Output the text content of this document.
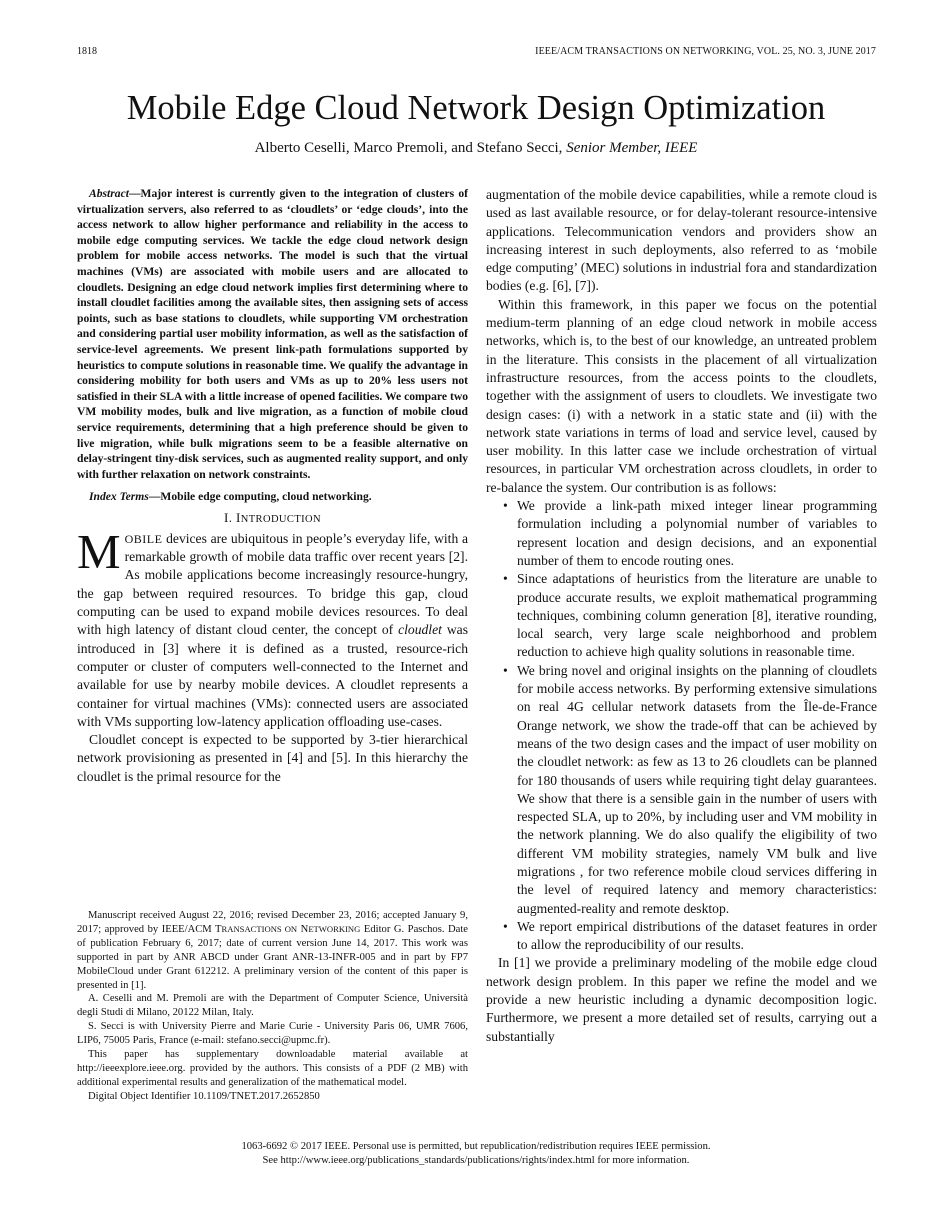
1818	IEEE/ACM TRANSACTIONS ON NETWORKING, VOL. 25, NO. 3, JUNE 2017
Mobile Edge Cloud Network Design Optimization
Alberto Ceselli, Marco Premoli, and Stefano Secci, Senior Member, IEEE

Abstract—Major interest is currently given to the integration of clusters of virtualization servers, also referred to as ‘cloudlets’ or ‘edge clouds’, into the access network to allow higher performance and reliability in the access to mobile edge computing services. We tackle the edge cloud network design problem for mobile access networks. The model is such that the virtual machines (VMs) are associated with mobile users and are allocated to cloudlets. Designing an edge cloud network implies first determining where to install cloudlet facilities among the available sites, then assigning sets of access points, such as base stations to cloudlets, while supporting VM orchestration and considering partial user mobility information, as well as the satisfaction of service-level agreements. We present link-path formulations supported by heuristics to compute solutions in reasonable time. We qualify the advantage in considering mobility for both users and VMs as up to 20% less users not satisfied in their SLA with a little increase of opened facilities. We compare two VM mobility modes, bulk and live migration, as a function of mobile cloud service requirements, determining that a high preference should be given to live migration, while bulk migrations seem to be a feasible alternative on delay-stringent tiny-disk services, such as augmented reality support, and only with further relaxation on network constraints.

Index Terms—Mobile edge computing, cloud networking.

I. INTRODUCTION

MOBILE devices are ubiquitous in people’s everyday life, with a remarkable growth of mobile data traffic over recent years [2]. As mobile applications become increasingly resource-hungry, the gap between required resources. To bridge this gap, cloud computing can be used to expand mobile devices resources. To deal with high latency of distant cloud center, the concept of cloudlet was introduced in [3] where it is defined as a trusted, resource-rich computer or cluster of computers well-connected to the Internet and available for use by nearby mobile devices. A cloudlet represents a container for virtual machines (VMs): connected users are associated with VMs supporting low-latency application offloading use-cases.

Cloudlet concept is expected to be supported by 3-tier hierarchical network provisioning as presented in [4] and [5]. In this hierarchy the cloudlet is the primal resource for the

Manuscript received August 22, 2016; revised December 23, 2016; accepted January 9, 2017; approved by IEEE/ACM TRANSACTIONS ON NETWORKING Editor G. Paschos. Date of publication February 6, 2017; date of current version June 14, 2017. This work was supported in part by ANR ABCD under Grant ANR-13-INFR-005 and in part by FP7 MobileCloud under Grant 612212. A preliminary version of the content of this paper is presented in [1].

A. Ceselli and M. Premoli are with the Department of Computer Science, Università degli Studi di Milano, 20122 Milan, Italy.

S. Secci is with University Pierre and Marie Curie - University Paris 06, UMR 7606, LIP6, 75005 Paris, France (e-mail: stefano.secci@upmc.fr).

This paper has supplementary downloadable material available at http://ieeexplore.ieee.org. provided by the authors. This consists of a PDF (2 MB) with additional experimental results and generalization of the mathematical model.

Digital Object Identifier 10.1109/TNET.2017.2652850

augmentation of the mobile device capabilities, while a remote cloud is used as last available resource, or for delay-tolerant resource-intensive applications. Telecommunication vendors and providers show an increasing interest in such deployments, also referred to as ‘mobile edge computing’ (MEC) solutions in industrial fora and standardization bodies (e.g. [6], [7]).

Within this framework, in this paper we focus on the potential medium-term planning of an edge cloud network in mobile access networks, which is, to the best of our knowledge, an untreated problem in the literature. This consists in the placement of all virtualization infrastructure resources, from the access points to the cloudlets, together with the assignment of users to cloudlets. We investigate two design cases: (i) with a network in a static state and (ii) with the network state variations in terms of load and service level, caused by user mobility. In this latter case we include orchestration of virtual resources, in particular VM orchestration across cloudlets, in order to re-balance the system. Our contribution is as follows:

• We provide a link-path mixed integer linear programming formulation including a polynomial number of variables to represent location and design decisions, and an exponential number of them to encode routing ones.
• Since adaptations of heuristics from the literature are unable to produce accurate results, we exploit mathematical programming techniques, combining column generation [8], iterative rounding, local search, very large scale neighborhood and problem reduction to achieve high quality solutions in reasonable time.
• We bring novel and original insights on the planning of cloudlets for mobile access networks. By performing extensive simulations on real 4G cellular network datasets from the Île-de-France Orange network, we show the trade-off that can be achieved by means of the two design cases and the impact of user mobility on the cloudlet network: as few as 13 to 26 cloudlets can be planned for 180 thousands of users while requiring tight delay guarantees. We show that there is a sensible gain in the number of users with respected SLA, up to 20%, by including user and VM mobility in the network planning. We do also qualify the eligibility of two different VM mobility strategies, namely VM bulk and live migrations , for two reference mobile cloud services differing in the level of required latency and memory characteristics: augmented-reality and remote desktop.
• We report empirical distributions of the dataset features in order to allow the reproducibility of our results.

In [1] we provide a preliminary modeling of the mobile edge cloud network design problem. In this paper we refine the model and we provide a new heuristic including a dynamic decomposition logic. Furthermore, we present a more detailed set of results, carrying out a substantially

1063-6692 © 2017 IEEE. Personal use is permitted, but republication/redistribution requires IEEE permission.
See http://www.ieee.org/publications_standards/publications/rights/index.html for more information.
